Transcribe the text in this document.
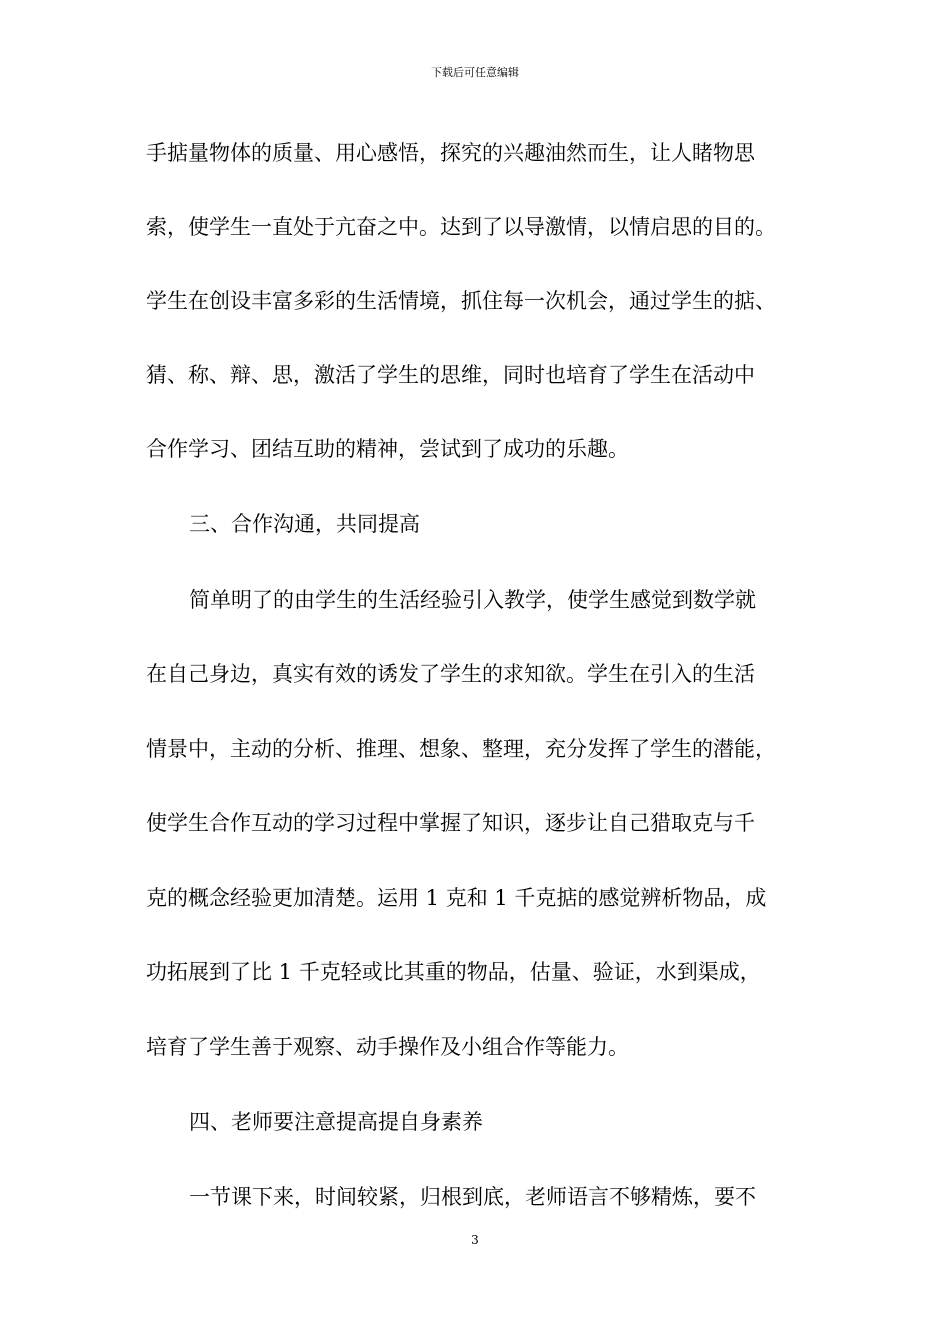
下载后可任意编辑
手掂量物体的质量、用心感悟，探究的兴趣油然而生，让人睹物思
索，使学生一直处于亢奋之中。达到了以导激情，以情启思的目的。
学生在创设丰富多彩的生活情境，抓住每一次机会，通过学生的掂、
猜、称、辩、思，激活了学生的思维，同时也培育了学生在活动中
合作学习、团结互助的精神，尝试到了成功的乐趣。
三、合作沟通，共同提高
简单明了的由学生的生活经验引入教学，使学生感觉到数学就
在自己身边，真实有效的诱发了学生的求知欲。学生在引入的生活
情景中，主动的分析、推理、想象、整理，充分发挥了学生的潜能，
使学生合作互动的学习过程中掌握了知识，逐步让自己猎取克与千
克的概念经验更加清楚。运用 1 克和 1 千克掂的感觉辨析物品，成
功拓展到了比 1 千克轻或比其重的物品，估量、验证，水到渠成，
培育了学生善于观察、动手操作及小组合作等能力。
四、老师要注意提高提自身素养
一节课下来，时间较紧，归根到底，老师语言不够精炼，要不
3
